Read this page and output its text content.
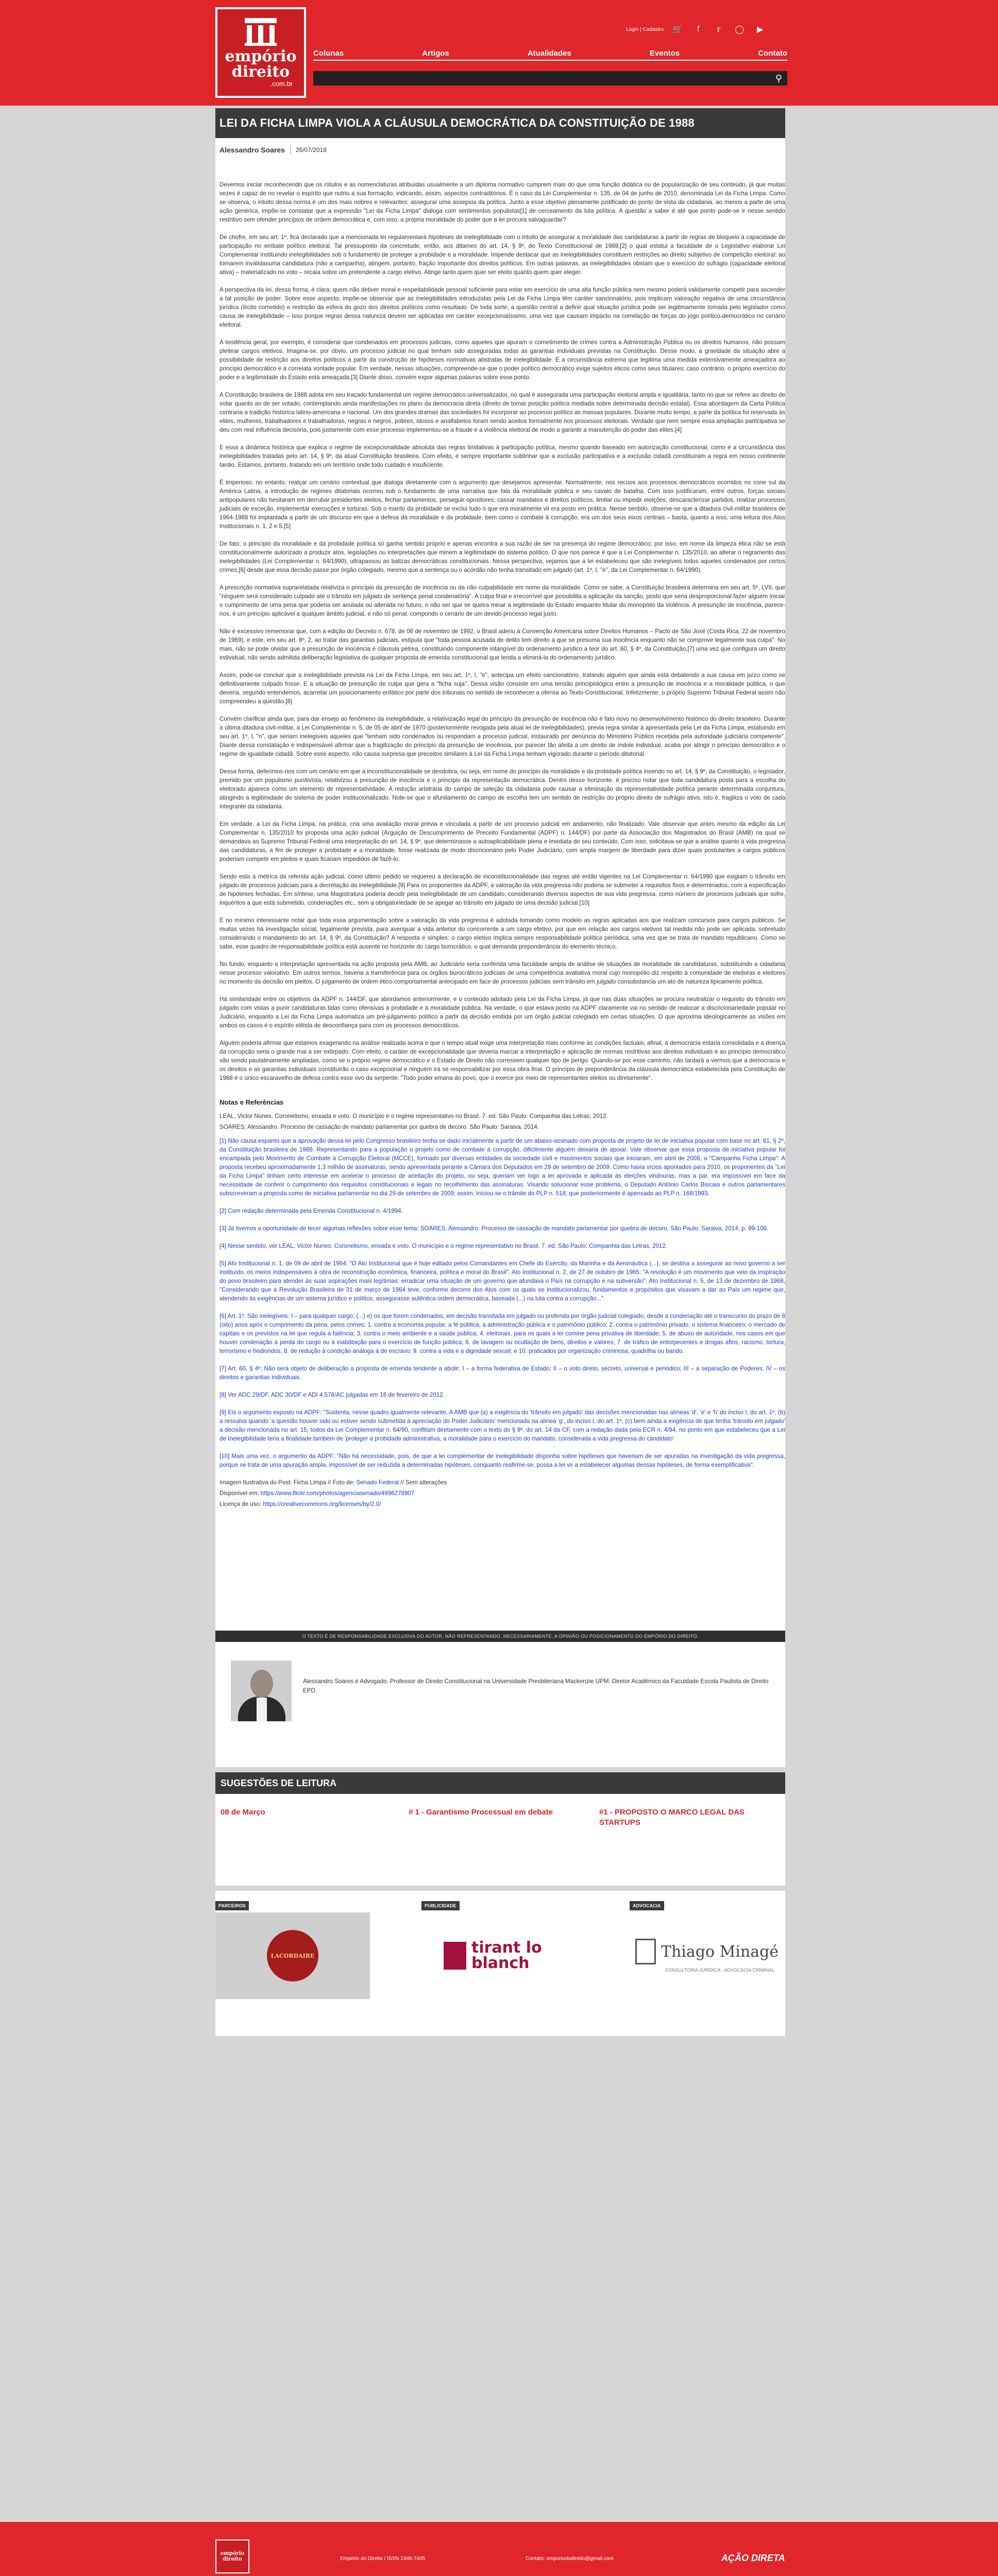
empório
direito
.com.br
Login | Cadastro 🛒	f	𝕣	◯	▶
Colunas	Artigos	Atualidades	Eventos	Contato
⚲
LEI DA FICHA LIMPA VIOLA A CLÁUSULA DEMOCRÁTICA DA CONSTITUIÇÃO DE 1988
Alessandro Soares 26/07/2018

Devemos iniciar reconhecendo que os rótulos e as nomenclaturas atribuídas usualmente a um diploma normativo cumprem mais do que uma função didática ou de popularização de seu conteúdo, já que muitas vezes é capaz de no revelar o espírito que nutriu a sua formação, indicando, assim, aspectos contraditórios. É o caso da Lei Complementar n. 135, de 04 de junho de 2010, denominada Lei da Ficha Limpa. Como se observa, o intuito dessa norma é um dos mais nobres e relevantes: assegurar uma assepsia da política. Junto a esse objetivo plenamente justificado do ponto de vista da cidadania, ao menos a parte de uma ação genérica, impõe-se constatar que a expressão "Lei da Ficha Limpa" dialoga com sentimentos populistas[1] de cerceamento da luta política. A questão a saber é até que ponto pode-se ir nesse sentido restritivo sem ofender princípios de ordem democrática e, com isso, a própria moralidade do poder que a lei procura salvaguardar?

De chofre, em seu art. 1º, fica declarado que a mencionada lei regulamentará hipóteses de inelegibilidade com o intuito de assegurar a moralidade das candidaturas a partir de regras de bloqueio à capacidade de participação no embate político eleitoral. Tal pressuposto da concretude, então, aos ditames do art. 14, § 9º, do Texto Constitucional de 1988,[2] o qual estatui a faculdade de o Legislativo elaborar Lei Complementar instituindo inelegibilidades sob o fundamento de proteger a probidade e a moralidade. Impende destacar que as inelegibilidades constituem restrições ao direito subjetivo de competição eleitoral: ao tornarem inválidasuma candidatura (não a campanha), atingem, portanto, fração importante dos direitos políticos. Em outras palavras, as inelegibilidades obstam que o exercício do sufrágio (capacidade eleitoral ativa) – materializado no voto – recaia sobre um pretendente a cargo eletivo. Atinge tanto quem quer ser eleito quanto quem quer eleger.

A perspectiva da lei, dessa forma, é clara: quem não detiver moral e respeitabilidade pessoal suficiente para estar em exercício de uma alta função pública nem mesmo poderá validamente competir para ascender a tal posição de poder. Sobre esse aspecto, impõe-se observar que as inelegibilidades introduzidas pela Lei da Ficha Limpa têm caráter sancionatório, pois implicam valoração negativa de uma circunstância jurídica (ilícito cometido) e restrição da esfera do gozo dos direitos políticos como resultado. De toda sorte, a questão central a definir qual situação jurídica pode ser legitimamente tomada pelo legislador como causa de inelegibilidade – isso porque regras dessa natureza devem ser aplicadas em caráter excepcionalíssimo, uma vez que causam impacto na correlação de forças do jogo político-democrático no cenário eleitoral.

A tendência geral, por exemplo, é considerar que condenados em processos judiciais, como aqueles que apuram o cometimento de crimes contra a Administração Pública ou os direitos humanos, não possam pleitear cargos eletivos. Imagina-se, por óbvio, um processo judicial no qual tenham sido asseguradas todas as garantias individuais previstas na Constituição. Desse modo, a gravidade da situação abre a possibilidade de restrição aos direitos políticos a partir da construção de hipóteses normativas abstratas de inelegibilidade. É a circunstância extrema que legitima uma medida extensivamente ameaçadora ao princípio democrático e à correlata vontade popular. Em verdade, nessas situações, compreende-se que o poder político democrático exige sujeitos éticos como seus titulares; caso contrário, o próprio exercício do poder e a legitimidade do Estado está ameaçada.[3] Diante disso, convém expor algumas palavras sobre esse ponto.

A Constituição brasileira de 1988 adota em seu traçado fundamental um regime democrático universalizador, no qual é assegurada uma participação eleitoral ampla e igualitária, tanto no que se refere ao direito de votar quanto ao de ser votado, contemplando ainda manifestações no plano da democracia direta (direito de tomar posição política mediada sobre determinada decisão estatal). Essa abordagem da Carta Política contraria a tradição histórica latino-americana e nacional. Um dos grandes dramas das sociedades foi incorporar ao processo político as massas populares. Durante muito tempo, a parte da política foi reservada às elites, mulheres, trabalhadores e trabalhadoras, negras e negros, pobres, idosos e analfabetos foram sendo aceitos formalmente nos processos eleitorais. Verdade que nem sempre essa ampliação participativa se deu com real influência decisória, pois justamente com esse processo implementou-se a fraude e a violência eleitoral de modo a garantir a manutenção do poder das elites.[4]

E essa a dinâmica histórica que explica o regime de excepcionalidade absoluta das regras limitativas à participação política, mesmo quando baseado em autorização constitucional, como é a circunstância das inelegibilidades tratadas pelo art. 14, § 9º, da atual Constituição brasileira. Com efeito, é sempre importante sublinhar que a exclusão participativa e a exclusão cidadã constituíram a regra em nosso continente tardio. Estamos, portanto, tratando em um território onde todo cuidado é insuficiente.

É imperioso, no entanto, realçar um cenário contextual que dialoga diretamente com o argumento que desejamos apresentar. Normalmente, nos recuos aos processos democráticos ocorridos no cone sul da América Latina, a introdução de regimes ditatoriais ocorreu sob o fundamento de uma narrativa que fala da moralidade pública e seu cavalo de batalha. Com isso justificaram, entre outros, forças sociais antipopulares não hesitaram em derrubar presidentes eleitos, fechar parlamentos, perseguir opositores, cassar mandatos e direitos políticos, limitar ou impedir eleições, descaracterizar partidos, realizar processos judiciais de exceção, implementar execuções e torturas. Sob o manto da probidade se exclui tudo o que era moralmente vil era posto em prática. Nesse sentido, observe-se que a ditadura civil-militar brasileira de 1964-1988 foi implantada a partir de um discurso em que a defesa da moralidade e da probidade, bem como o combate à corrupção, era um dos seus eixos centrais – basta, quanto a isso, uma leitura dos Atos Institucionais n. 1, 2 e 5.[5]

De fato, o princípio da moralidade e da probidade política só ganha sentido próprio e apenas encontra a sua razão de ser na presença do regime democrático; por isso, em nome da limpeza ética não se está constitucionalmente autorizado a produzir atos, legislações ou interpretações que minem a legitimidade do sistema político. O que nos parece é que a Lei Complementar n. 135/2010, ao alterar o regramento das inelegibilidades (Lei Complementar n. 64/1990), ultrapassou as balizas democráticas constitucionais. Nessa perspectiva, vejamos que a lei estabeleceu que são inelegíveis todos aqueles condenados por certos crimes,[6] desde que essa decisão passe por órgão colegiado, mesmo que a sentença ou o acórdão não tenha transitado em julgado (art. 1º, I, "e", da Lei Complementar n. 64/1990).

A prescrição normativa suprarelatada relativiza o princípio da presunção de inocência ou da não culpabilidade em nome da moralidade. Como se sabe, a Constituição brasileira determina em seu art. 5º, LVII, que "ninguém será considerado culpado até o trânsito em julgado de sentença penal condenatória". A culpa final e irrecorrível que possibilita a aplicação da sanção, posto que seria desproporcional fazer alguém iniciar o cumprimento de uma pena que poderia ser anulada ou alterada no futuro, o não ser que se queira minar a legitimidade do Estado enquanto titular do monopólio da violência. A presunção de inocência, parece-nos, é um princípio aplicável a qualquer âmbito judicial, e não só penal, compondo o cenário de um devido processo legal justo.

Não é excessivo rememorar que, com a edição do Decreto n. 678, de 06 de novembro de 1992, o Brasil aderiu à Convenção Americana sobre Direitos Humanos – Pacto de São José (Costa Rica, 22 de novembro de 1969), e este, em seu art. 8º, 2, ao tratar das garantias judiciais, estipula que "toda pessoa acusada de delito tem direito a que se presuma sua inocência enquanto não se comprove legalmente sua culpa". No mais, não se pode olvidar que a presunção de inocência é cláusula pétrea, constituindo componente intangível do ordenamento jurídico a teor do art. 60, § 4º, da Constituição,[7] uma vez que configura um direito individual, não sendo admitida deliberação legislativa de qualquer proposta de emenda constitucional que tenda a eliminá-la do ordenamento jurídico.

Assim, pode-se concluir que a inelegibilidade prevista na Lei da Ficha Limpa, em seu art. 1º, I, "e", antecipa um efeito sancionatório, tratando alguém que ainda está debatendo a sua causa em juízo como se definitivamente culpado fosse. E a situação de presunção de culpa que gera a "ficha suja". Dessa visão consiste em uma tensão principiológica entre a presunção de inocência e a moralidade pública, o que deveria, segundo entendemos, acarretar um posicionamento enfático por parte dos tribunais no sentido de reconhecer a ofensa ao Texto Constitucional. Infelizmente, o próprio Supremo Tribunal Federal assim não compreendeu a questão.[8]

Convém clarificar ainda que, para dar ensejo ao fenômeno da inelegibilidade, a relativização legal do princípio da presunção de inocência não é fato novo no desenvolvimento histórico do direito brasileiro. Durante a última ditadura civil-militar, a Lei Complementar n. 5, de 05 de abril de 1970 (posteriormente revogada pela atual lei de inelegibilidades), previa regra similar à apresentada pela Lei da Ficha Limpa, estatuindo em seu art. 1º, I, "n", que seriam inelegíveis aqueles que "tenham sido condenados ou respondam a processo judicial, instaurado por denúncia do Ministério Público recebida pela autoridade judiciária competente". Diante dessa constatação é indispensável afirmar que a fragilização do princípio da presunção de inocência, por parecer tão afeita a um direito de índole individual, acaba por atingir o princípio democrático e o regime de igualdade cidadã. Sobre esse aspecto, não causa surpresa que preceitos similares à Lei da Ficha Limpa tenham vigorado durante o período ditatorial.

Dessa forma, deferimos-nos com um cenário em que a inconstitucionalidade se desdobra, ou seja, em nome do princípio da moralidade e da probidade política inserido no art. 14, § 9º, da Constituição, o legislador, premido por um populismo punitivista, relativizou a presunção de inocência e o princípio da representação democrática. Dentro desse horizonte, é preciso notar que toda candidatura posta para a escolha do eleitorado aparece como um elemento de representatividade. A redução arbitrária do campo de seleção da cidadania pode causar a eliminação da representatividade política perante determinada conjuntura, atingindo a legitimidade do sistema de poder institucionalizado. Note-se que o afunilamento do campo de escolha tem um sentido de restrição do próprio direito de sufrágio ativo, isto é, fragiliza o voto de cada integrante da cidadania.

Em verdade, a Lei da Ficha Limpa, na prática, cria uma avaliação moral prévia e vinculada a partir de um processo judicial em andamento, não finalizado. Vale observar que antes mesmo da edição da Lei Complementar n. 135/2010 foi proposta uma ação judicial (Arguição de Descumprimento de Preceito Fundamental (ADPF) n. 144/DF) por parte da Associação dos Magistrados do Brasil (AMB) na qual se demandava ao Supremo Tribunal Federal uma interpretação do art. 14, § 9º, que determinasse a autoaplicabilidade plena e imediata do seu conteúdo. Com isso, solicitava-se que a análise quanto à vida pregressa das candidaturas, a fim de proteger a probidade e a moralidade, fosse realizada de modo discricionário pelo Poder Judiciário, com ampla margem de liberdade para dizer quais postulantes a cargos públicos poderiam competir em pleitos e quais ficariam impedidos de fazê-lo.

Sendo esta a métrica da referida ação judicial, como último pedido se requereu a declaração de inconstitucionalidade das regras até então vigentes na Lei Complementar n. 64/1990 que exigiam o trânsito em julgado de processos judiciais para a decretação da inelegibilidade.[9] Para os proponentes da ADPF, a valoração da vida pregressa não poderia se submeter a requisitos fixos e determinados, com a especificação de hipóteses fechadas. Em síntese, uma Magistratura poderia decidir pela inelegibilidade de um candidato, considerando diversos aspectos de sua vida pregressa, como número de processos judiciais que sofre, inquéritos a que está submetido, condenações etc., sem a obrigatoriedade de se apegar ao trânsito em julgado de uma decisão judicial.[10]

É no mínimo interessante notar que toda essa argumentação sobre a valoração da vida pregressa é adotada tomando como modelo as regras aplicadas aos que realizam concursos para cargos públicos. Se muitas vezes há investigação social, legalmente prevista, para averiguar a vida anterior do concorrente a um cargo efetivo, por que em relação aos cargos eletivos tal medida não pode ser aplicada, sobretudo considerando o mandamento do art. 14, § 9º, da Constituição? A resposta é simples: o cargo eletivo implica sempre responsabilidade política periódica, uma vez que se trata de mandato republicano. Como se sabe, esse quadro de responsabilidade política está ausente no horizonte do cargo burocrático, o qual demanda preponderância do elemento técnico.

No fundo, enquanto a interpretação apresentada na ação proposta pela AMB, ao Judiciário seria conferida uma faculdade ampla de análise de situações de moralidade de candidaturas, substituindo a cidadania nesse processo valorativo. Em outros termos, haveria a transferência para os órgãos burocráticos judiciais de uma competência avaliativa moral cujo monopólio diz respeito à comunidade de eleitoras e eleitores no momento da decisão em pleitos. O julgamento de ordem ético-comportamental antecipado em face de processos judiciais sem trânsito em julgado consubstancia um ato de natureza tipicamente política.

Há similaridade entre os objetivos da ADPF n. 144/DF, que abordamos anteriormente, e o conteúdo adotado pela Lei da Ficha Limpa, já que nas duas situações se procura neutralizar o requisito do trânsito em julgado com vistas a punir candidaturas tidas como ofensivas à probidade e à moralidade pública. Na verdade, o que estava posto na ADPF claramente vai no sentido de realocar a discricionariedade popular no Judiciário, enquanto a Lei da Ficha Limpa automatiza um pré-julgamento político a partir da decisão emitida por um órgão judicial colegiado em certas situações. O que aproxima ideologicamente as visões em ambos os casos é o espírito elitista de desconfiança para com os processos democráticos.

Alguém poderia afirmar que estamos exagerando na análise realizada acima e que o tempo atual exige uma interpretação mais conforme às condições factuais; afinal, a democracia estaria consolidada e a doença da corrupção seria o grande mal a ser extirpado. Com efeito, o caráter de excepcionalidade que deveria marcar a interpretação e aplicação de normas restritivas aos direitos individuais e ao princípio democrático vão sendo paulatinamente ampliadas, como se o próprio regime democrático e o Estado de Direito não corressem qualquer tipo de perigo. Quando-se por esse caminho, não tardará a vermos que a democracia e os direitos e as garantias individuais constituirão o caso excepcional e ninguém irá se responsabilizar por essa obra final. O princípio de preponderância da cláusula democrática estabelecida pela Constituição de 1988 é o único escaravelho de defesa contra esse ovo da serpente. "Todo poder emana do povo, que o exerce por meio de representantes eleitos ou diretamente".

Notas e Referências

LEAL, Victor Nunes. Coronelismo, enxada e voto. O município e o regime representativo no Brasil. 7. ed. São Paulo: Companhia das Letras, 2012.

SOARES, Alessandro. Processo de cassação de mandato parlamentar por quebra de decoro. São Paulo: Saraiva, 2014.

[1] Não causa espanto que a aprovação dessa lei pelo Congresso brasileiro tenha se dado inicialmente a partir de um abaixo-assinado com proposta de projeto de lei de iniciativa popular com base no art. 61, § 2º, da Constituição brasileira de 1988. Representando para a população o projeto como de combate à corrupção, dificilmente alguém deixaria de apoiar. Vale observar que essa proposta de iniciativa popular foi encampada pelo Movimento de Combate à Corrupção Eleitoral (MCCE), formado por diversas entidades da sociedade civil e movimentos sociais que iniciaram, em abril de 2008, a "Campanha Ficha Limpa". A proposta recebeu aproximadamente 1,3 milhão de assinaturas, sendo apresentada perante a Câmara dos Deputados em 29 de setembro de 2009. Como havia vícios apontados para 2010, os proponentes da "Lei da Ficha Limpa" tinham certo interesse em acelerar o processo de aceitação do projeto, ou seja, queriam ver logo a lei aprovada e aplicada às eleições vindouras, mas a par, era impossível em face da necessidade de conferir o cumprimento dos requisitos constitucionais e legais no recolhimento das assinaturas. Visando solucionar esse problema, o Deputado Antônio Carlos Biscaia e outros parlamentares subscreveram a proposta como de iniciativa parlamentar no dia 29 de setembro de 2009; assim, iniciou-se o trâmite do PLP n. 518, que posteriormente é apensado ao PLP n. 168/1993.

[2] Com redação determinada pela Emenda Constitucional n. 4/1994.

[3] Já tivemos a oportunidade de tecer algumas reflexões sobre esse tema: SOARES, Alessandro. Processo de cassação de mandato parlamentar por quebra de decoro. São Paulo: Saraiva, 2014, p. 99-106.

[4] Nesse sentido, ver LEAL, Victor Nunes. Coronelismo, enxada e voto. O município e o regime representativo no Brasil. 7. ed. São Paulo: Companhia das Letras, 2012.

[5] Ato Institucional n. 1, de 09 de abril de 1964: "O Ato Institucional que é hoje editado pelos Comandantes em Chefe do Exército, da Marinha e da Aeronáutica (...), se destina a assegurar ao novo governo a ser instituído, os meios indispensáveis à obra de reconstrução econômica, financeira, política e moral do Brasil". Ato Institucional n. 2, de 27 de outubro de 1965: "A revolução é um movimento que veio da inspiração do povo brasileiro para atender às suas aspirações mais legítimas: erradicar uma situação de um governo que afundava o País na corrupção e na subversão". Ato Institucional n. 5, de 13 de dezembro de 1968, "Considerando que a Revolução Brasileira de 31 de março de 1964 teve, conforme decorre dos Atos com os quais se institucionalizou, fundamentos e propósitos que visavam a dar ao País um regime que, atendendo às exigências de um sistema jurídico e político, assegurasse autêntica ordem democrática, baseada (...) na luta contra a corrupção...".

[6] Art. 1º. São inelegíveis: I – para qualquer cargo: (...) e) os que forem condenados, em decisão transitada em julgado ou proferida por órgão judicial colegiado, desde a condenação até o transcurso do prazo de 8 (oito) anos após o cumprimento da pena, pelos crimes: 1. contra a economia popular, a fé pública, a administração pública e o patrimônio público; 2. contra o patrimônio privado, o sistema financeiro, o mercado de capitais e os previstos na lei que regula a falência; 3. contra o meio ambiente e a saúde pública; 4. eleitorais, para os quais a lei comine pena privativa de liberdade; 5. de abuso de autoridade, nos casos em que houver condenação à perda do cargo ou à inabilitação para o exercício de função pública; 6. de lavagem ou ocultação de bens, direitos e valores; 7. de tráfico de entorpecentes e drogas afins, racismo, tortura, terrorismo e hediondos; 8. de redução à condição análoga à de escravo; 9. contra a vida e a dignidade sexual; e 10. praticados por organização criminosa, quadrilha ou bando.

[7] Art. 60, § 4º: Não será objeto de deliberação a proposta de emenda tendente a abolir: I – a forma federativa de Estado; II – o voto direto, secreto, universal e periódico; III – a separação de Poderes; IV – os direitos e garantias individuais.

[8] Ver ADC 29/DF, ADC 30/DF e ADI 4.578/AC julgadas em 16 de fevereiro de 2012.

[9] Eis o argumento exposto na ADPF: "Sustenta, nesse quadro igualmente relevante, A AMB que (a) a exigência do 'trânsito em julgado' das decisões mencionadas nas alíneas 'd', 'e' e 'h' do inciso I, do art. 1º, (b) a ressalva quando 'a questão houver sido ou estiver sendo submetida à apreciação do Poder Judiciário' mencionada na alínea 'g', do inciso I, do art. 1º, (c) bem ainda a exigência de que tenha 'trânsito em julgado' a decisão mencionada no art. 15, todos da Lei Complementar n. 64/90, conflitam diretamente com o texto do § 9º, do art. 14 da CF, com a redação dada pela ECR n. 4/94, no ponto em que estabeleceu que a Lei de Inelegibilidade teria a finalidade também de 'proteger a probidade administrativa, a moralidade para o exercício do mandato, considerada a vida pregressa do candidato'.

[10] Mais uma vez, o argumento da ADPF: "Não há necessidade, pois, de que a lei complementar de inelegibilidade disponha sobre hipóteses que haveriam de ser apuradas na investigação da vida pregressa, porque se trata de uma apuração ampla, impossível de ser reduzida a determinadas hipóteses, conquanto reafirme-se, possa a lei vir a estabelecer algumas dessas hipóteses, de forma exemplificativa".

Imagem Ilustrativa do Post: Ficha Limpa // Foto de: Senado Federal // Sem alterações

Disponível em: https://www.flickr.com/photos/agenciasenado/4996278907

Licença de uso: https://creativecommons.org/licenses/by/2.0/

O TEXTO É DE RESPONSABILIDADE EXCLUSIVA DO AUTOR, NÃO REPRESENTANDO, NECESSARIAMENTE, A OPINIÃO OU POSICIONAMENTO DO EMPÓRIO DO DIREITO.
Alessandro Soares é Advogado. Professor de Direito Constitucional na Universidade Presbiteriana Mackenzie UPM. Diretor Acadêmico da Faculdade Escola Paulista de Direito EPD.
SUGESTÕES DE LEITURA
08 de Março	# 1 - Garantismo Processual em debate	#1 - PROPOSTO O MARCO LEGAL DAS STARTUPS
PARCEIROS
LACORDAIRE
PUBLICIDADE
tirant lo blanch
ADVOCACIA
Thiago Minagé
CONSULTORIA JURÍDICA · ADVOCACIA CRIMINAL
empório
direito	Empório do Direito / ISSN 2446-7405	Contato: emporiododireito@gmail.com	AÇÃO DIRETA
